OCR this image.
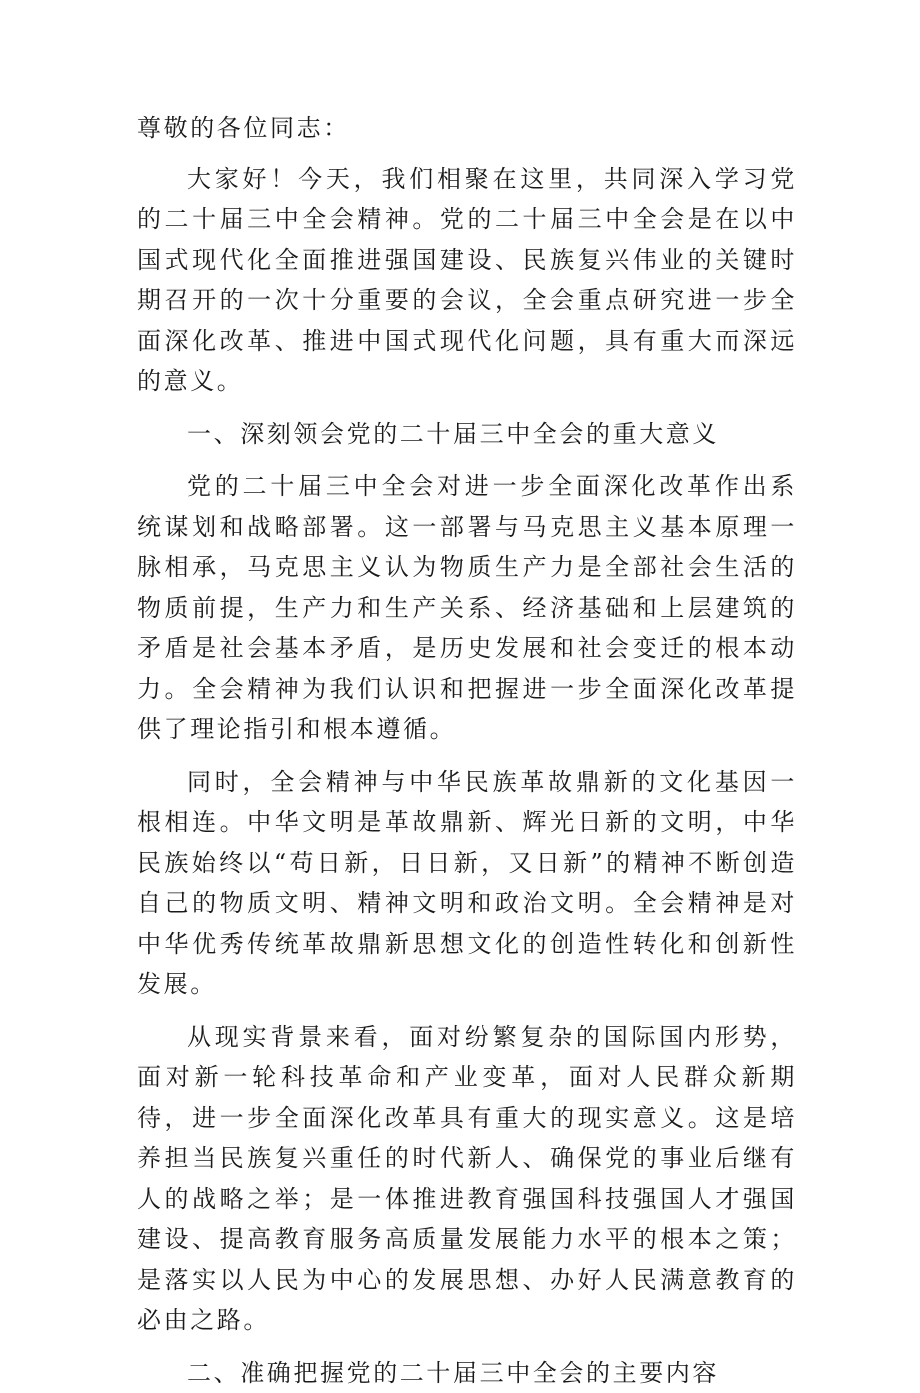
尊敬的各位同志：

大家好！今天，我们相聚在这里，共同深入学习党的二十届三中全会精神。党的二十届三中全会是在以中国式现代化全面推进强国建设、民族复兴伟业的关键时期召开的一次十分重要的会议，全会重点研究进一步全面深化改革、推进中国式现代化问题，具有重大而深远的意义。

一、深刻领会党的二十届三中全会的重大意义

党的二十届三中全会对进一步全面深化改革作出系统谋划和战略部署。这一部署与马克思主义基本原理一脉相承，马克思主义认为物质生产力是全部社会生活的物质前提，生产力和生产关系、经济基础和上层建筑的矛盾是社会基本矛盾，是历史发展和社会变迁的根本动力。全会精神为我们认识和把握进一步全面深化改革提供了理论指引和根本遵循。

同时，全会精神与中华民族革故鼎新的文化基因一根相连。中华文明是革故鼎新、辉光日新的文明，中华民族始终以“苟日新，日日新，又日新”的精神不断创造自己的物质文明、精神文明和政治文明。全会精神是对中华优秀传统革故鼎新思想文化的创造性转化和创新性发展。

从现实背景来看，面对纷繁复杂的国际国内形势，面对新一轮科技革命和产业变革，面对人民群众新期待，进一步全面深化改革具有重大的现实意义。这是培养担当民族复兴重任的时代新人、确保党的事业后继有人的战略之举；是一体推进教育强国科技强国人才强国建设、提高教育服务高质量发展能力水平的根本之策；是落实以人民为中心的发展思想、办好人民满意教育的必由之路。

二、准确把握党的二十届三中全会的主要内容
